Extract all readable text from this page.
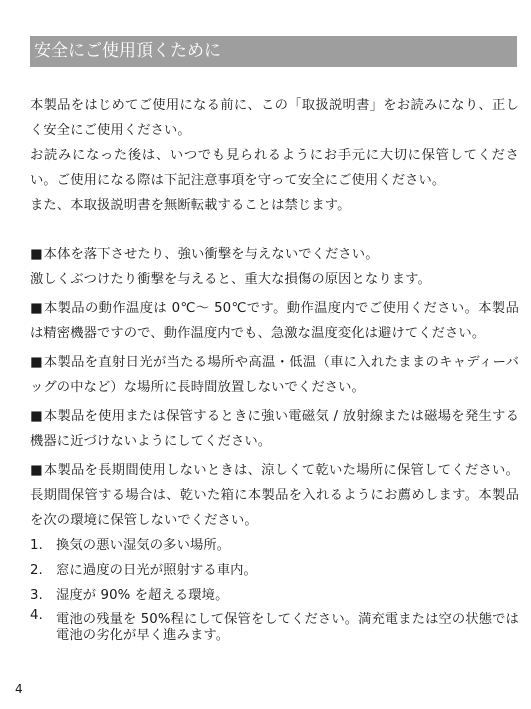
安全にご使用頂くために

本製品をはじめてご使用になる前に、この「取扱説明書」をお読みになり、正しく安全にご使用ください。

お読みになった後は、いつでも見られるようにお手元に大切に保管してください。ご使用になる際は下記注意事項を守って安全にご使用ください。

また、本取扱説明書を無断転載することは禁じます。

■本体を落下させたり、強い衝撃を与えないでください。

激しくぶつけたり衝撃を与えると、重大な損傷の原因となります。

■本製品の動作温度は 0℃～ 50℃です。動作温度内でご使用ください。本製品は精密機器ですので、動作温度内でも、急激な温度変化は避けてください。

■本製品を直射日光が当たる場所や高温・低温（車に入れたままのキャディーバッグの中など）な場所に長時間放置しないでください。

■本製品を使用または保管するときに強い電磁気 / 放射線または磁場を発生する機器に近づけないようにしてください。

■本製品を長期間使用しないときは、涼しくて乾いた場所に保管してください。長期間保管する場合は、乾いた箱に本製品を入れるようにお薦めします。本製品を次の環境に保管しないでください。

1. 換気の悪い湿気の多い場所。
2. 窓に過度の日光が照射する車内。
3. 湿度が 90% を超える環境。
4. 電池の残量を 50%程にして保管をしてください。満充電または空の状態では電池の劣化が早く進みます。
4
